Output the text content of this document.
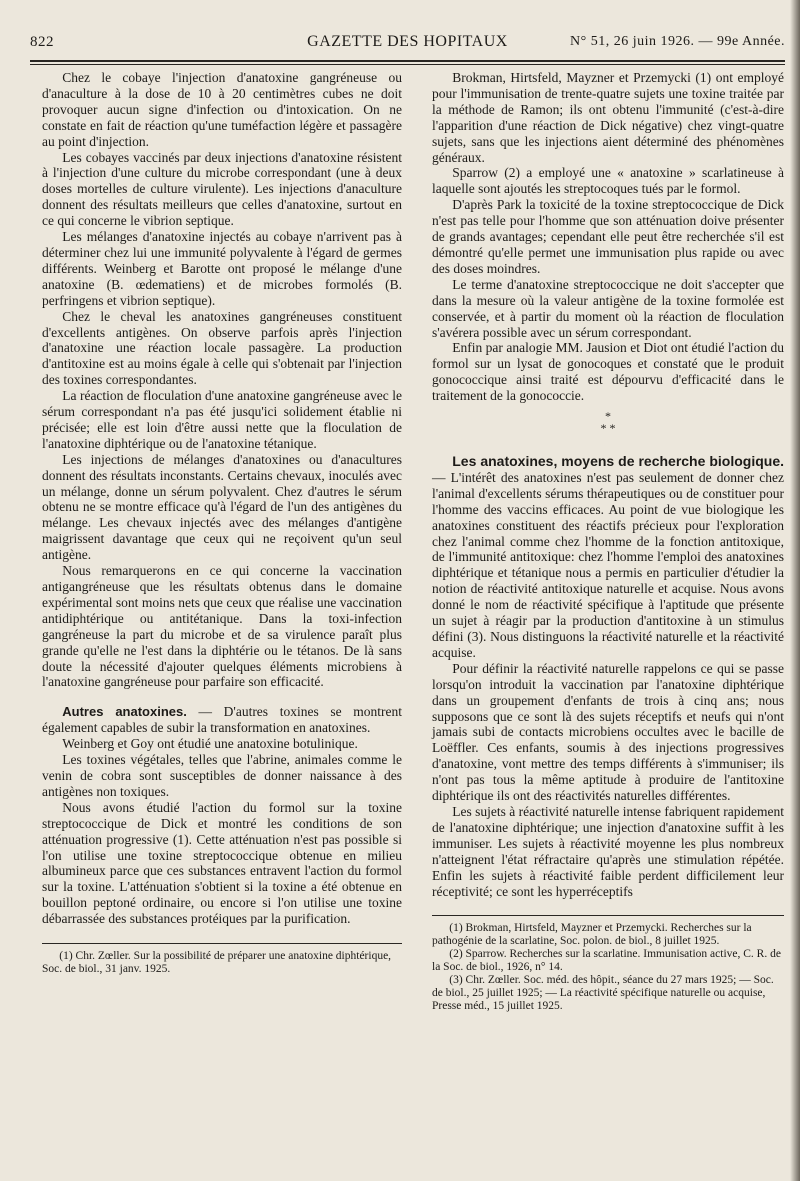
822	GAZETTE DES HOPITAUX	N° 51, 26 juin 1926. — 99e Année.

Chez le cobaye l'injection d'anatoxine gangréneuse ou d'anaculture à la dose de 10 à 20 centimètres cubes ne doit provoquer aucun signe d'infection ou d'intoxication. On ne constate en fait de réaction qu'une tuméfaction légère et passagère au point d'injection.

Les cobayes vaccinés par deux injections d'anatoxine résistent à l'injection d'une culture du microbe correspondant (une à deux doses mortelles de culture virulente). Les injections d'anaculture donnent des résultats meilleurs que celles d'anatoxine, surtout en ce qui concerne le vibrion septique.

Les mélanges d'anatoxine injectés au cobaye n'arrivent pas à déterminer chez lui une immunité polyvalente à l'égard de germes différents. Weinberg et Barotte ont proposé le mélange d'une anatoxine (B. œdematiens) et de microbes formolés (B. perfringens et vibrion septique).

Chez le cheval les anatoxines gangréneuses constituent d'excellents antigènes. On observe parfois après l'injection d'anatoxine une réaction locale passagère. La production d'antitoxine est au moins égale à celle qui s'obtenait par l'injection des toxines correspondantes.

La réaction de floculation d'une anatoxine gangréneuse avec le sérum correspondant n'a pas été jusqu'ici solidement établie ni précisée; elle est loin d'être aussi nette que la floculation de l'anatoxine diphtérique ou de l'anatoxine tétanique.

Les injections de mélanges d'anatoxines ou d'anacultures donnent des résultats inconstants. Certains chevaux, inoculés avec un mélange, donne un sérum polyvalent. Chez d'autres le sérum obtenu ne se montre efficace qu'à l'égard de l'un des antigènes du mélange. Les chevaux injectés avec des mélanges d'antigène maigrissent davantage que ceux qui ne reçoivent qu'un seul antigène.

Nous remarquerons en ce qui concerne la vaccination antigangréneuse que les résultats obtenus dans le domaine expérimental sont moins nets que ceux que réalise une vaccination antidiphtérique ou antitétanique. Dans la toxi-infection gangréneuse la part du microbe et de sa virulence paraît plus grande qu'elle ne l'est dans la diphtérie ou le tétanos. De là sans doute la nécessité d'ajouter quelques éléments microbiens à l'anatoxine gangréneuse pour parfaire son efficacité.

Autres anatoxines. — D'autres toxines se montrent également capables de subir la transformation en anatoxines.

Weinberg et Goy ont étudié une anatoxine botulinique.

Les toxines végétales, telles que l'abrine, animales comme le venin de cobra sont susceptibles de donner naissance à des antigènes non toxiques.

Nous avons étudié l'action du formol sur la toxine streptococcique de Dick et montré les conditions de son atténuation progressive (1). Cette atténuation n'est pas possible si l'on utilise une toxine streptococcique obtenue en milieu albumineux parce que ces substances entravent l'action du formol sur la toxine. L'atténuation s'obtient si la toxine a été obtenue en bouillon peptoné ordinaire, ou encore si l'on utilise une toxine débarrassée des substances protéiques par la purification.

(1) Chr. Zœller. Sur la possibilité de préparer une anatoxine diphtérique, Soc. de biol., 31 janv. 1925.

Brokman, Hirtsfeld, Mayzner et Przemycki (1) ont employé pour l'immunisation de trente-quatre sujets une toxine traitée par la méthode de Ramon; ils ont obtenu l'immunité (c'est-à-dire l'apparition d'une réaction de Dick négative) chez vingt-quatre sujets, sans que les injections aient déterminé des phénomènes généraux.

Sparrow (2) a employé une « anatoxine » scarlatineuse à laquelle sont ajoutés les streptocoques tués par le formol.

D'après Park la toxicité de la toxine streptococcique de Dick n'est pas telle pour l'homme que son atténuation doive présenter de grands avantages; cependant elle peut être recherchée s'il est démontré qu'elle permet une immunisation plus rapide ou avec des doses moindres.

Le terme d'anatoxine streptococcique ne doit s'accepter que dans la mesure où la valeur antigène de la toxine formolée est conservée, et à partir du moment où la réaction de floculation s'avérera possible avec un sérum correspondant.

Enfin par analogie MM. Jausion et Diot ont étudié l'action du formol sur un lysat de gonocoques et constaté que le produit gonococcique ainsi traité est dépourvu d'efficacité dans le traitement de la gonococcie.

*
* *

Les anatoxines, moyens de recherche biologique. — L'intérêt des anatoxines n'est pas seulement de donner chez l'animal d'excellents sérums thérapeutiques ou de constituer pour l'homme des vaccins efficaces. Au point de vue biologique les anatoxines constituent des réactifs précieux pour l'exploration chez l'animal comme chez l'homme de la fonction antitoxique, de l'immunité antitoxique: chez l'homme l'emploi des anatoxines diphtérique et tétanique nous a permis en particulier d'étudier la notion de réactivité antitoxique naturelle et acquise. Nous avons donné le nom de réactivité spécifique à l'aptitude que présente un sujet à réagir par la production d'antitoxine à un stimulus défini (3). Nous distinguons la réactivité naturelle et la réactivité acquise.

Pour définir la réactivité naturelle rappelons ce qui se passe lorsqu'on introduit la vaccination par l'anatoxine diphtérique dans un groupement d'enfants de trois à cinq ans; nous supposons que ce sont là des sujets réceptifs et neufs qui n'ont jamais subi de contacts microbiens occultes avec le bacille de Loëffler. Ces enfants, soumis à des injections progressives d'anatoxine, vont mettre des temps différents à s'immuniser; ils n'ont pas tous la même aptitude à produire de l'antitoxine diphtérique ils ont des réactivités naturelles différentes.

Les sujets à réactivité naturelle intense fabriquent rapidement de l'anatoxine diphtérique; une injection d'anatoxine suffit à les immuniser. Les sujets à réactivité moyenne les plus nombreux n'atteignent l'état réfractaire qu'après une stimulation répétée. Enfin les sujets à réactivité faible perdent difficilement leur réceptivité; ce sont les hyperréceptifs

(1) Brokman, Hirtsfeld, Mayzner et Przemycki. Recherches sur la pathogénie de la scarlatine, Soc. polon. de biol., 8 juillet 1925.

(2) Sparrow. Recherches sur la scarlatine. Immunisation active, C. R. de la Soc. de biol., 1926, n° 14.

(3) Chr. Zœller. Soc. méd. des hôpit., séance du 27 mars 1925; — Soc. de biol., 25 juillet 1925; — La réactivité spécifique naturelle ou acquise, Presse méd., 15 juillet 1925.
